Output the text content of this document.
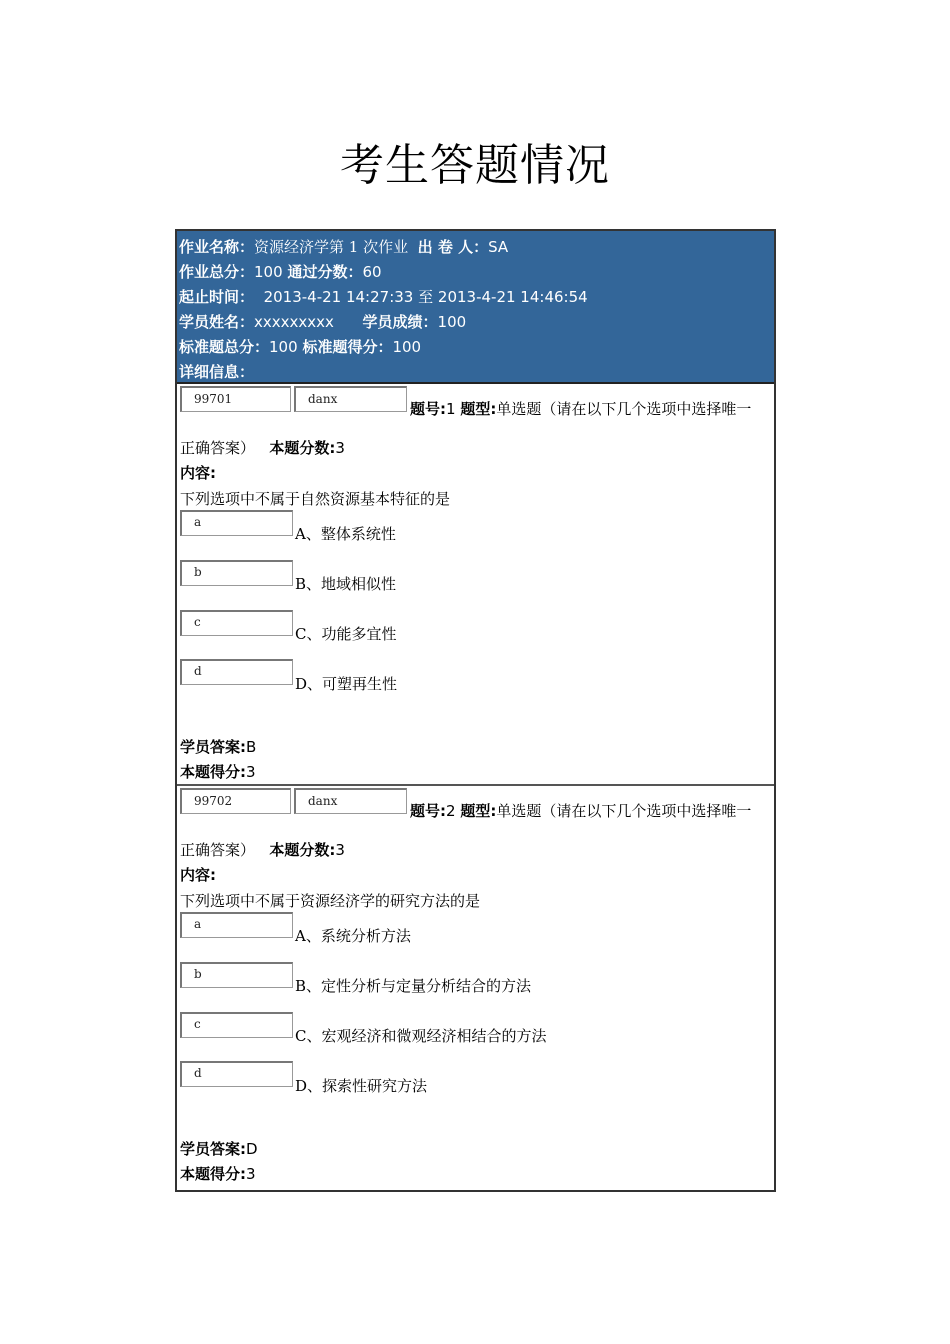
考生答题情况
作业名称：资源经济学第 1 次作业 出 卷 人：SA
作业总分：100 通过分数：60
起止时间： 2013-4-21 14:27:33 至 2013-4-21 14:46:54
学员姓名：xxxxxxxxx 学员成绩：100
标准题总分：100 标准题得分：100
详细信息：
99701	danx
题号:1 题型:单选题（请在以下几个选项中选择唯一
正确答案） 本题分数:3
内容:
下列选项中不属于自然资源基本特征的是
a
A、整体系统性
b
B、地域相似性
c
C、功能多宜性
d
D、可塑再生性
学员答案:B
本题得分:3
99702	danx
题号:2 题型:单选题（请在以下几个选项中选择唯一
正确答案） 本题分数:3
内容:
下列选项中不属于资源经济学的研究方法的是
a
A、系统分析方法
b
B、定性分析与定量分析结合的方法
c
C、宏观经济和微观经济相结合的方法
d
D、探索性研究方法
学员答案:D
本题得分:3
